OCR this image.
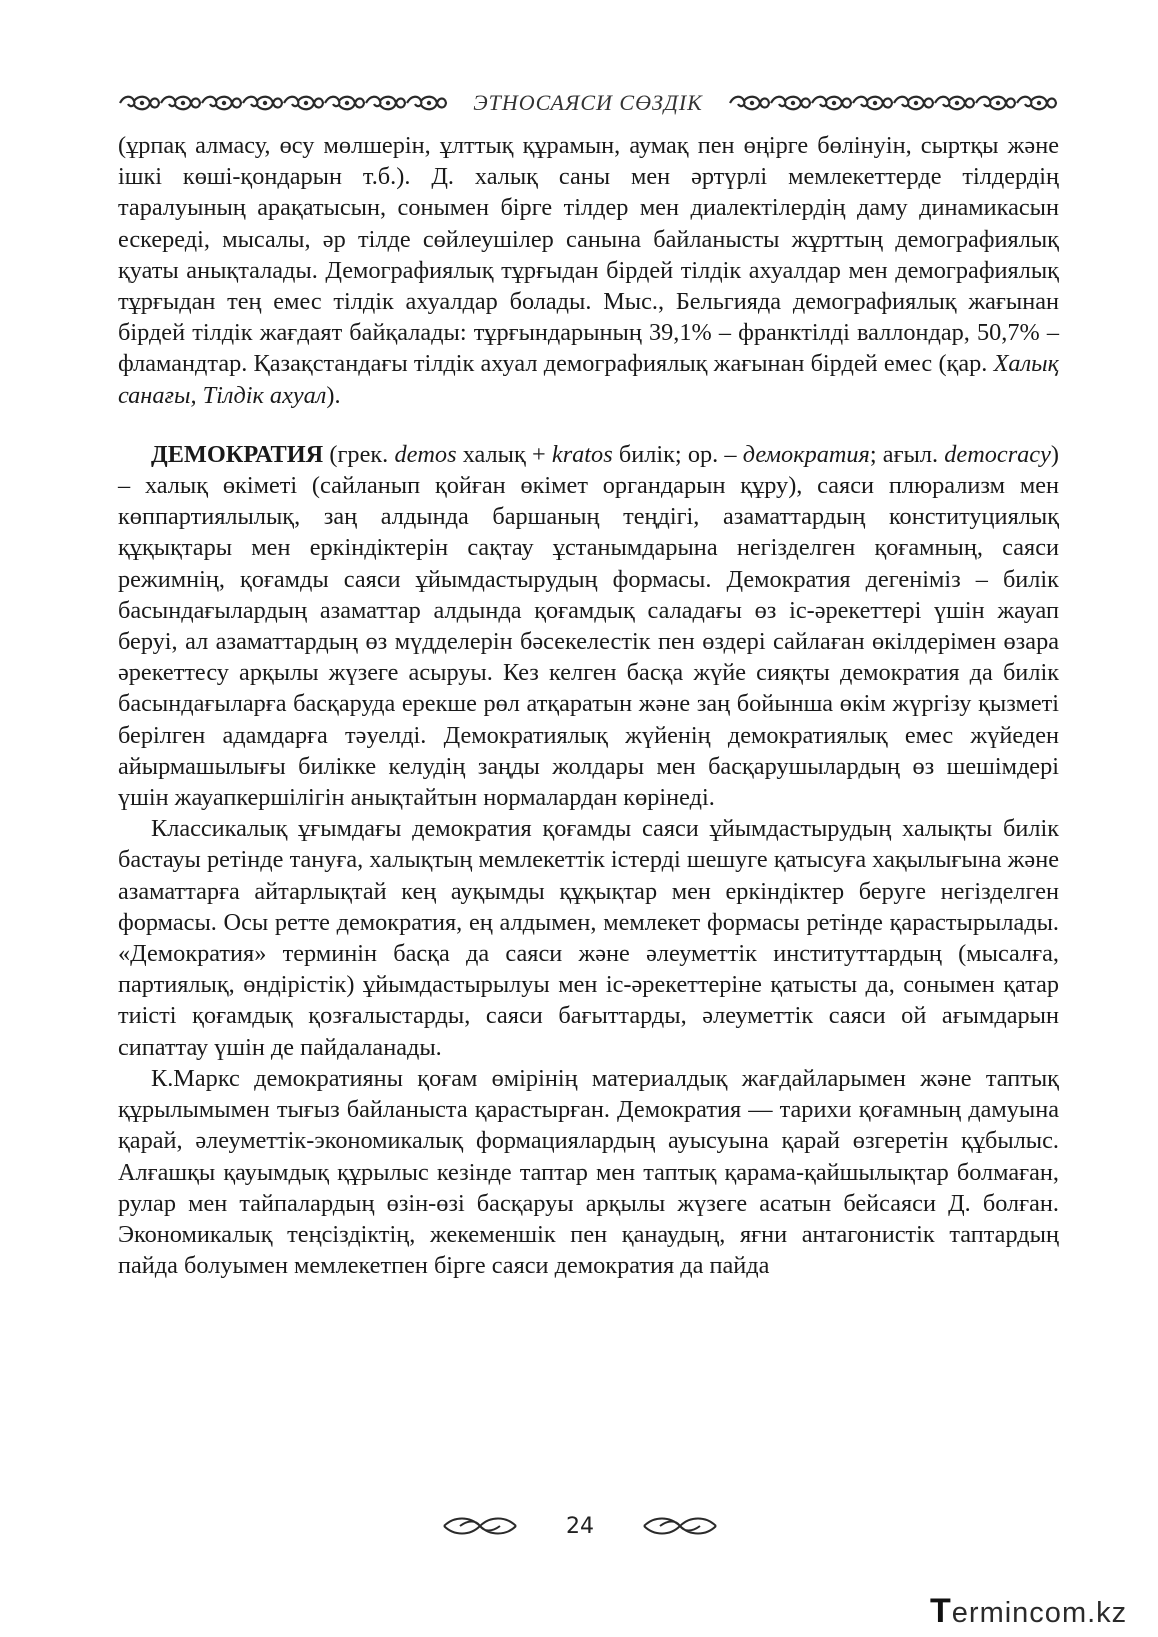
ЭТНОСАЯСИ СӨЗДІК

(ұрпақ алмасу, өсу мөлшерін, ұлттық құрамын, аумақ пен өңірге бөлінуін, сыртқы және ішкі көші-қондарын т.б.). Д. халық саны мен әртүрлі мемлекеттерде тілдердің таралуының арақатысын, сонымен бірге тілдер мен диалектілердің даму динамикасын ескереді, мысалы, әр тілде сөйлеушілер санына байланысты жұрттың демографиялық қуаты анықталады. Демографиялық тұрғыдан бірдей тілдік ахуалдар мен демографиялық тұрғыдан тең емес тілдік ахуалдар болады. Мыс., Бельгияда демографиялық жағынан бірдей тілдік жағдаят байқалады: тұрғындарының 39,1% – франктілді валлондар, 50,7% – фламандтар. Қазақстандағы тілдік ахуал демографиялық жағынан бірдей емес (қар. Халық санағы, Тілдік ахуал).

ДЕМОКРАТИЯ (грек. demos халық + kratos билік; ор. – демократия; ағыл. democracy) – халық өкіметі (сайланып қойған өкімет органдарын құру), саяси плюрализм мен көппартиялылық, заң алдында баршаның теңдігі, азаматтардың конституциялық құқықтары мен еркіндіктерін сақтау ұстанымдарына негізделген қоғамның, саяси режимнің, қоғамды саяси ұйымдастырудың формасы. Демократия дегеніміз – билік басындағылардың азаматтар алдында қоғамдық саладағы өз іс-әрекеттері үшін жауап беруі, ал азаматтардың өз мүдделерін бәсекелестік пен өздері сайлаған өкілдерімен өзара әрекеттесу арқылы жүзеге асыруы. Кез келген басқа жүйе сияқты демократия да билік басындағыларға басқаруда ерекше рөл атқаратын және заң бойынша өкім жүргізу қызметі берілген адамдарға тәуелді. Демократиялық жүйенің демократиялық емес жүйеден айырмашылығы билікке келудің заңды жолдары мен басқарушылардың өз шешімдері үшін жауапкершілігін анықтайтын нормалардан көрінеді.

Классикалық ұғымдағы демократия қоғамды саяси ұйымдастырудың халықты билік бастауы ретінде тануға, халықтың мемлекеттік істерді шешуге қатысуға хақылығына және азаматтарға айтарлықтай кең ауқымды құқықтар мен еркіндіктер беруге негізделген формасы. Осы ретте демократия, ең алдымен, мемлекет формасы ретінде қарастырылады. «Демократия» терминін басқа да саяси және әлеуметтік институттардың (мысалға, партиялық, өндірістік) ұйымдастырылуы мен іс-әрекеттеріне қатысты да, сонымен қатар тиісті қоғамдық қозғалыстарды, саяси бағыттарды, әлеуметтік саяси ой ағымдарын сипаттау үшін де пайдаланады.

К.Маркс демократияны қоғам өмірінің материалдық жағдайларымен және таптық құрылымымен тығыз байланыста қарастырған. Демократия — тарихи қоғамның дамуына қарай, әлеуметтік-экономикалық формациялардың ауысуына қарай өзгеретін құбылыс. Алғашқы қауымдық құрылыс кезінде таптар мен таптық қарама-қайшылықтар болмаған, рулар мен тайпалардың өзін-өзі басқаруы арқылы жүзеге асатын бейсаяси Д. болған. Экономикалық теңсіздіктің, жекеменшік пен қанаудың, яғни антагонистік таптардың пайда болуымен мемлекетпен бірге саяси демократия да пайда

24
Termincom.kz
